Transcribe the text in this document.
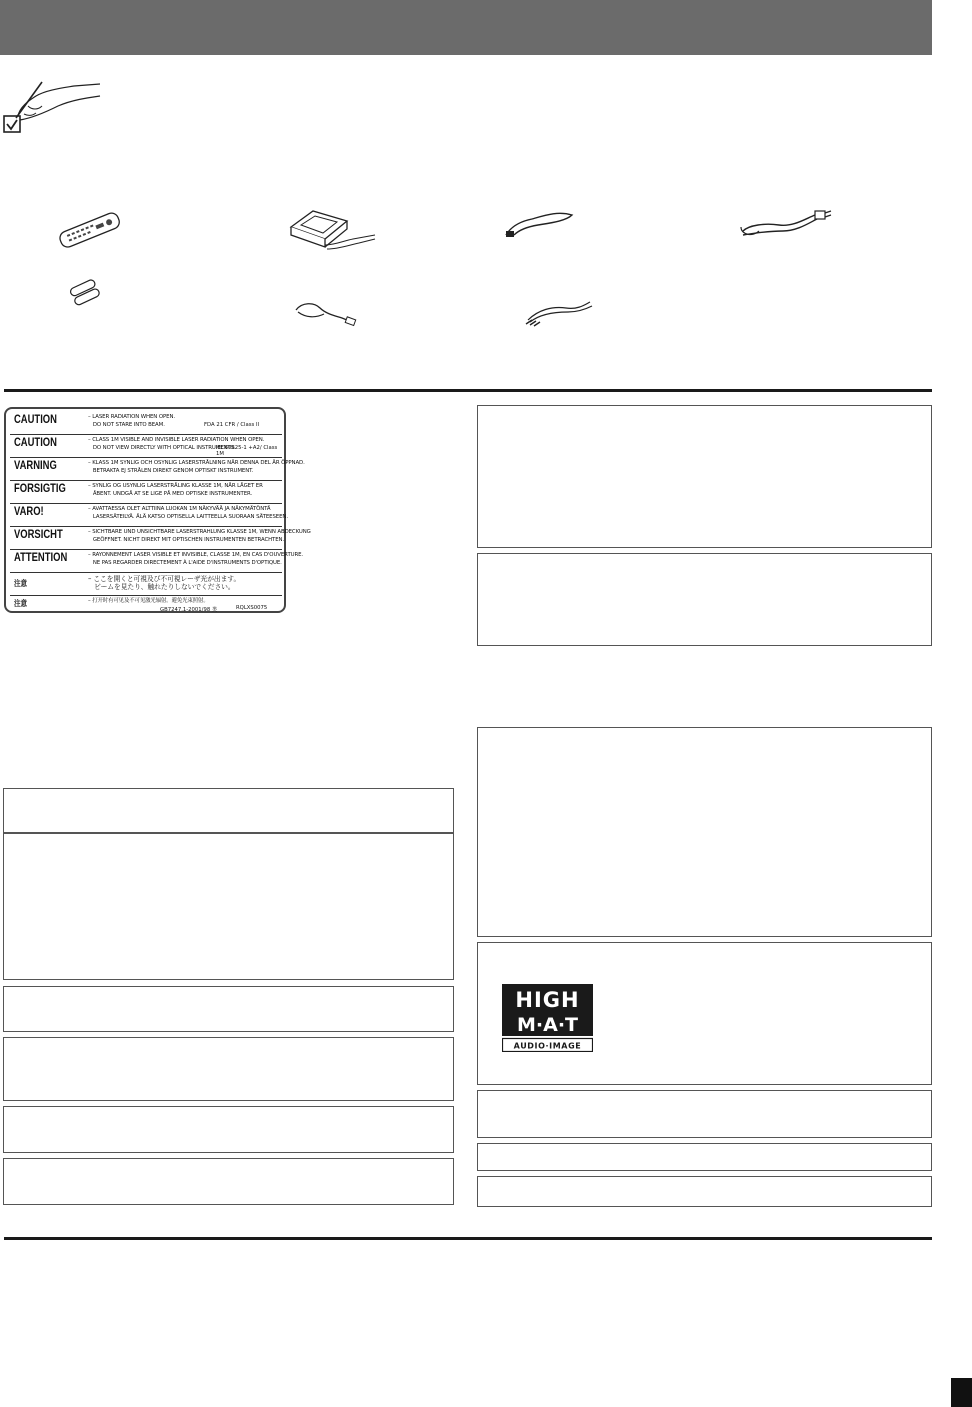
CAUTION	– LASER RADIATION WHEN OPEN.
DO NOT STARE INTO BEAM.	FDA 21 CFR / Class II
CAUTION	– CLASS 1M VISIBLE AND INVISIBLE LASER RADIATION WHEN OPEN.
DO NOT VIEW DIRECTLY WITH OPTICAL INSTRUMENTS.
IEC60825-1 +A2/ Class 1M
VARNING	– KLASS 1M SYNLIG OCH OSYNLIG LASERSTRÅLNING NÄR DENNA DEL ÄR ÖPPNAD.
BETRAKTA EJ STRÅLEN DIREKT GENOM OPTISKT INSTRUMENT.
FORSIGTIG	– SYNLIG OG USYNLIG LASERSTRÅLING KLASSE 1M, NÅR LÅGET ER
ÅBENT. UNDGÅ AT SE LIGE PÅ MED OPTISKE INSTRUMENTER.
VARO!	– AVATTAESSA OLET ALTTIINA LUOKAN 1M NÄKYVÄÄ JA NÄKYMÄTÖNTÄ
LASERSÄTEILYÄ. ÄLÄ KATSO OPTISELLA LAITTEELLA SUORAAN SÄTEESEEN.
VORSICHT	– SICHTBARE UND UNSICHTBARE LASERSTRAHLUNG KLASSE 1M, WENN ABDECKUNG
GEÖFFNET. NICHT DIREKT MIT OPTISCHEN INSTRUMENTEN BETRACHTEN.
ATTENTION	– RAYONNEMENT LASER VISIBLE ET INVISIBLE, CLASSE 1M, EN CAS D'OUVERTURE.
NE PAS REGARDER DIRECTEMENT À L'AIDE D'INSTRUMENTS D'OPTIQUE.
注意	– ここを開くと可視及び不可視レーザ光が出ます。
ビームを見たり、触れたりしないでください。
注意	– 打开时有可见及不可见激光辐射。避免光束照射。
GB7247.1-2001/98 类	RQLXS0075
HIGH
M·A·T
AUDIO·IMAGE
